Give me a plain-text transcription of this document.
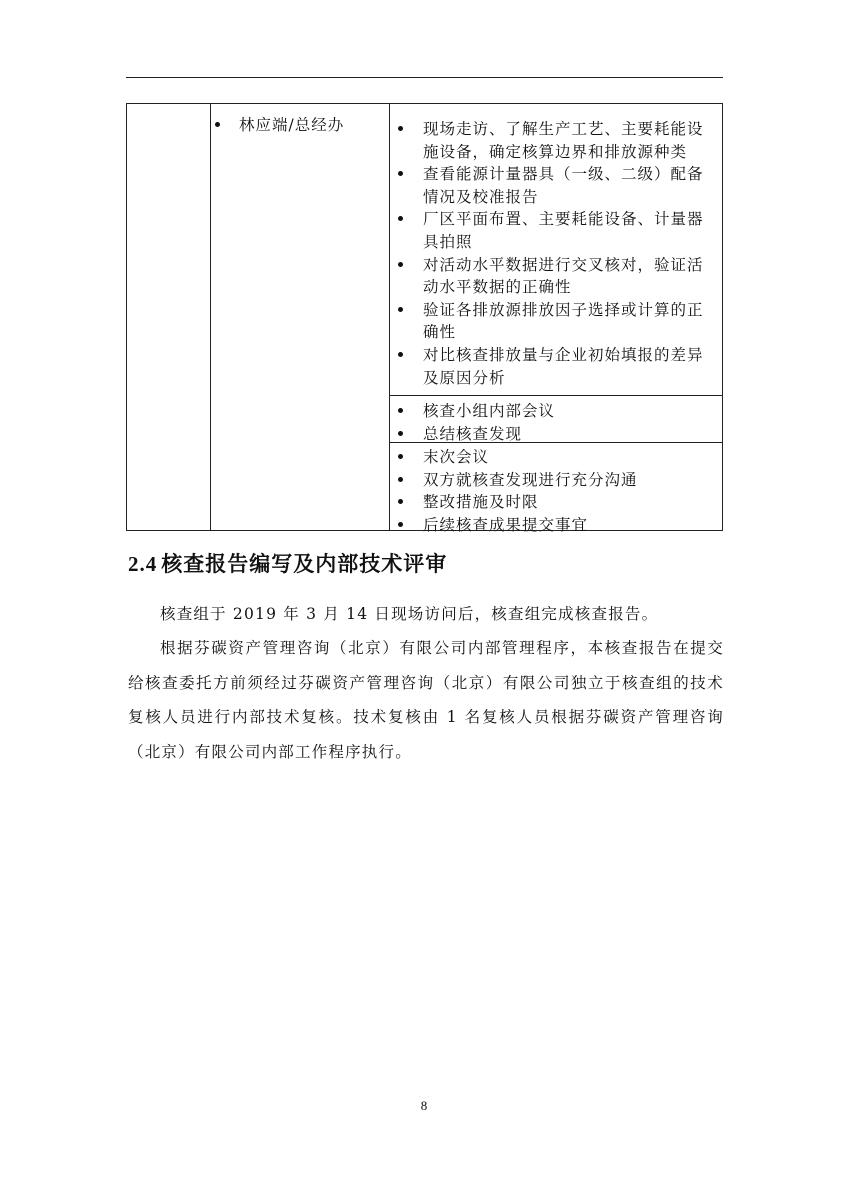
林应端/总经办	现场走访、了解生产工艺、主要耗能设施设备，确定核算边界和排放源种类
查看能源计量器具（一级、二级）配备情况及校准报告
厂区平面布置、主要耗能设备、计量器具拍照
对活动水平数据进行交叉核对，验证活动水平数据的正确性
验证各排放源排放因子选择或计算的正确性
对比核查排放量与企业初始填报的差异及原因分析
核查小组内部会议
总结核查发现
末次会议
双方就核查发现进行充分沟通
整改措施及时限
后续核查成果提交事宜
2.4 核查报告编写及内部技术评审
核查组于 2019 年 3 月 14 日现场访问后，核查组完成核查报告。
根据芬碳资产管理咨询（北京）有限公司内部管理程序，本核查报告在提交给核查委托方前须经过芬碳资产管理咨询（北京）有限公司独立于核查组的技术复核人员进行内部技术复核。技术复核由 1 名复核人员根据芬碳资产管理咨询（北京）有限公司内部工作程序执行。
8
